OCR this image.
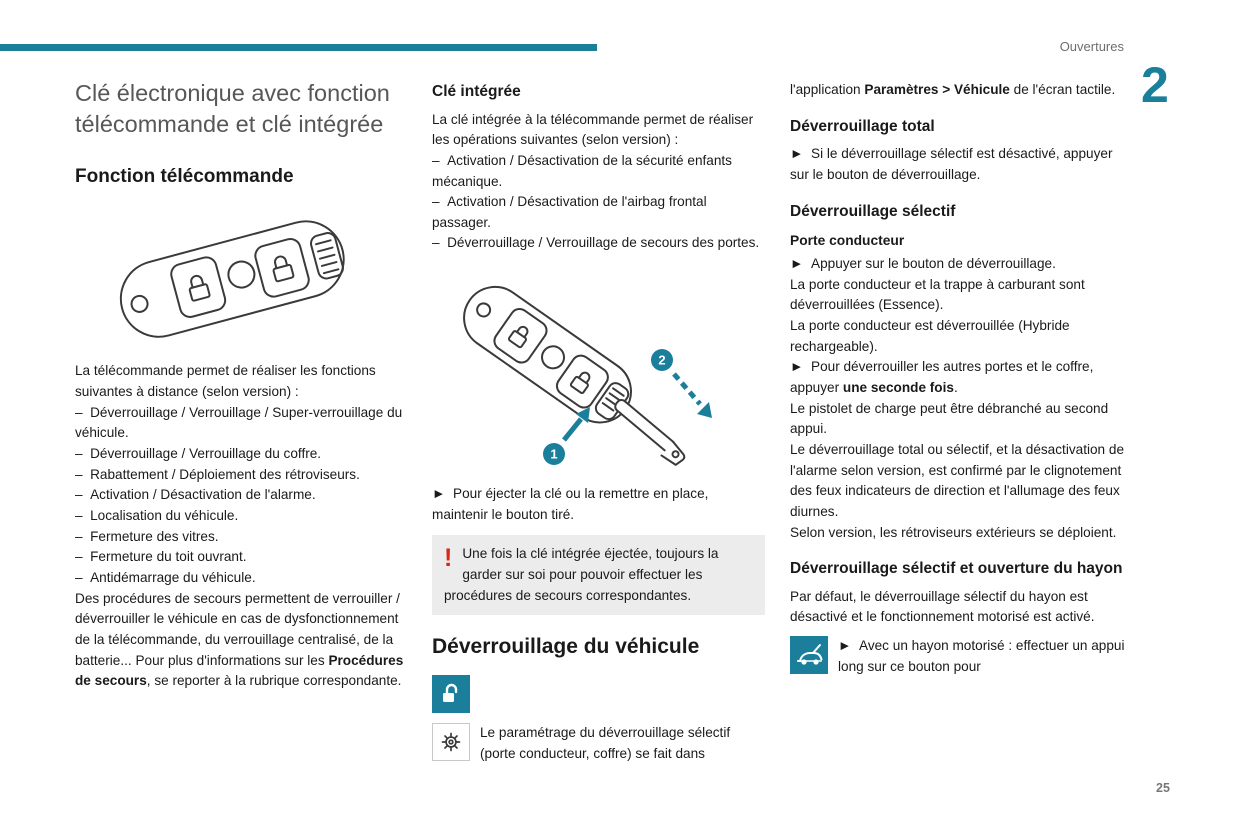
Ouvertures
2
25
Clé électronique avec fonction télécommande et clé intégrée
Fonction télécommande

La télécommande permet de réaliser les fonctions suivantes à distance (selon version) :

–  Déverrouillage / Verrouillage / Super-verrouillage du véhicule.

–  Déverrouillage / Verrouillage du coffre.

–  Rabattement / Déploiement des rétroviseurs.

–  Activation / Désactivation de l'alarme.

–  Localisation du véhicule.

–  Fermeture des vitres.

–  Fermeture du toit ouvrant.

–  Antidémarrage du véhicule.

Des procédures de secours permettent de verrouiller / déverrouiller le véhicule en cas de dysfonctionnement de la télécommande, du verrouillage centralisé, de la batterie... Pour plus d'informations sur les Procédures de secours, se reporter à la rubrique correspondante.

Clé intégrée

La clé intégrée à la télécommande permet de réaliser les opérations suivantes (selon version) :

–  Activation / Désactivation de la sécurité enfants mécanique.

–  Activation / Désactivation de l'airbag frontal passager.

–  Déverrouillage / Verrouillage de secours des portes.

1
2

►  Pour éjecter la clé ou la remettre en place, maintenir le bouton tiré.

! Une fois la clé intégrée éjectée, toujours la garder sur soi pour pouvoir effectuer les procédures de secours correspondantes.
Déverrouillage du véhicule

Le paramétrage du déverrouillage sélectif (porte conducteur, coffre) se fait dans

l'application Paramètres > Véhicule de l'écran tactile.

Déverrouillage total

►  Si le déverrouillage sélectif est désactivé, appuyer sur le bouton de déverrouillage.

Déverrouillage sélectif
Porte conducteur

►  Appuyer sur le bouton de déverrouillage.

La porte conducteur et la trappe à carburant sont déverrouillées (Essence).

La porte conducteur est déverrouillée (Hybride rechargeable).

►  Pour déverrouiller les autres portes et le coffre, appuyer une seconde fois.

Le pistolet de charge peut être débranché au second appui.

Le déverrouillage total ou sélectif, et la désactivation de l'alarme selon version, est confirmé par le clignotement des feux indicateurs de direction et l'allumage des feux diurnes.

Selon version, les rétroviseurs extérieurs se déploient.

Déverrouillage sélectif et ouverture du hayon

Par défaut, le déverrouillage sélectif du hayon est désactivé et le fonctionnement motorisé est activé.

►  Avec un hayon motorisé : effectuer un appui long sur ce bouton pour
